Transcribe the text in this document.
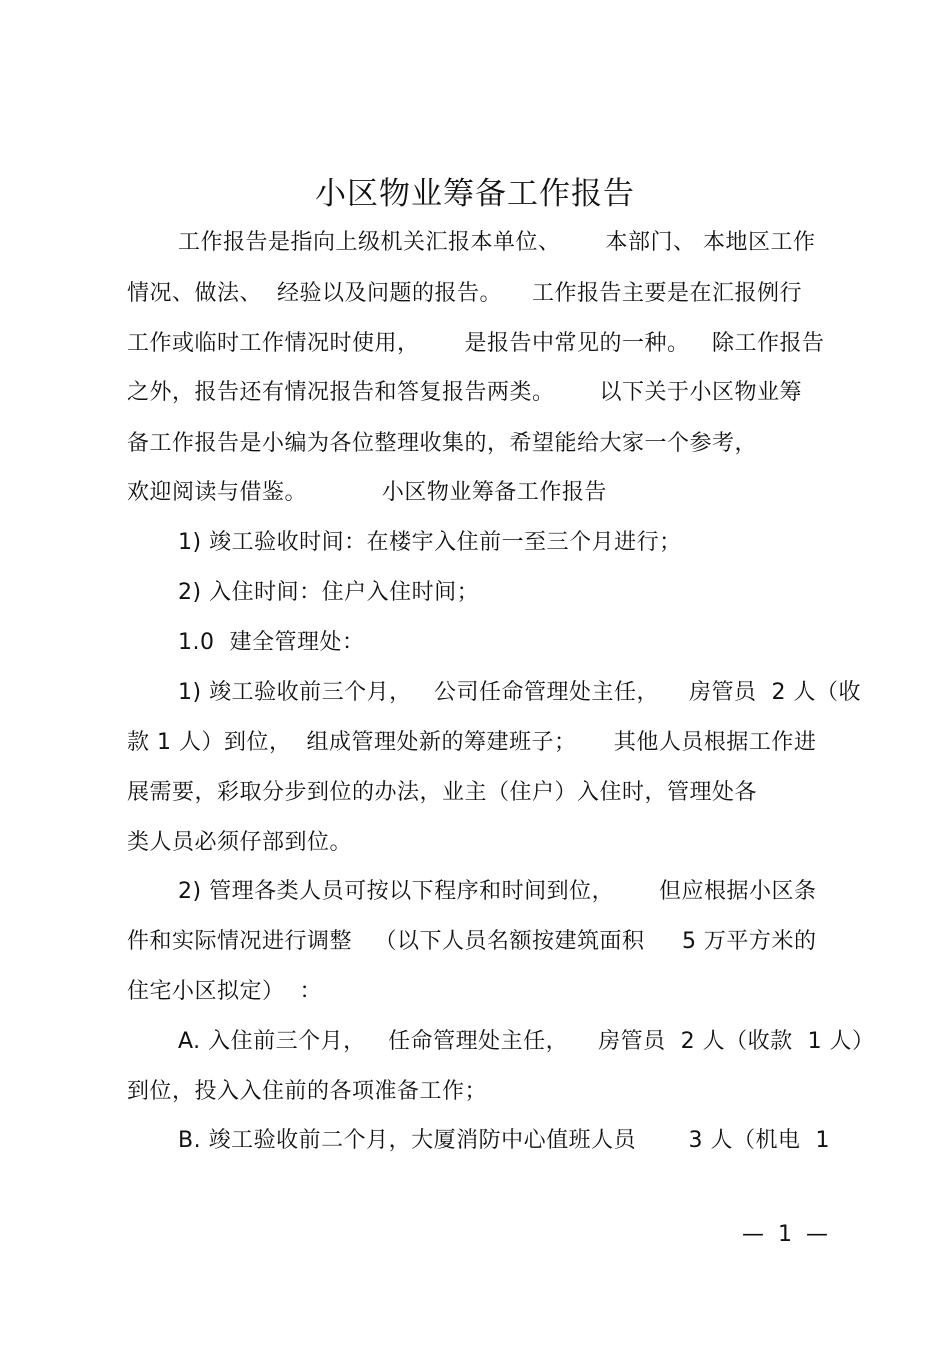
小区物业筹备工作报告
工作报告是指向上级机关汇报本单位、      本部门、 本地区工作
情况、做法、  经验以及问题的报告。    工作报告主要是在汇报例行
工作或临时工作情况时使用，      是报告中常见的一种。   除工作报告
之外，报告还有情况报告和答复报告两类。      以下关于小区物业筹
备工作报告是小编为各位整理收集的，希望能给大家一个参考，
欢迎阅读与借鉴。          小区物业筹备工作报告
1) 竣工验收时间：在楼宇入住前一至三个月进行；
2) 入住时间：住户入住时间；
1.0  建全管理处：
1) 竣工验收前三个月，   公司任命管理处主任，    房管员  2 人（收
款 1 人）到位，  组成管理处新的筹建班子；     其他人员根据工作进
展需要，彩取分步到位的办法，业主（住户）入住时，管理处各
类人员必须仔部到位。
2) 管理各类人员可按以下程序和时间到位，      但应根据小区条
件和实际情况进行调整   （以下人员名额按建筑面积     5 万平方米的
住宅小区拟定）  ：
A. 入住前三个月，   任命管理处主任，    房管员  2 人（收款  1 人）
到位，投入入住前的各项准备工作；
B. 竣工验收前二个月，大厦消防中心值班人员       3 人（机电  1
—  1  —
